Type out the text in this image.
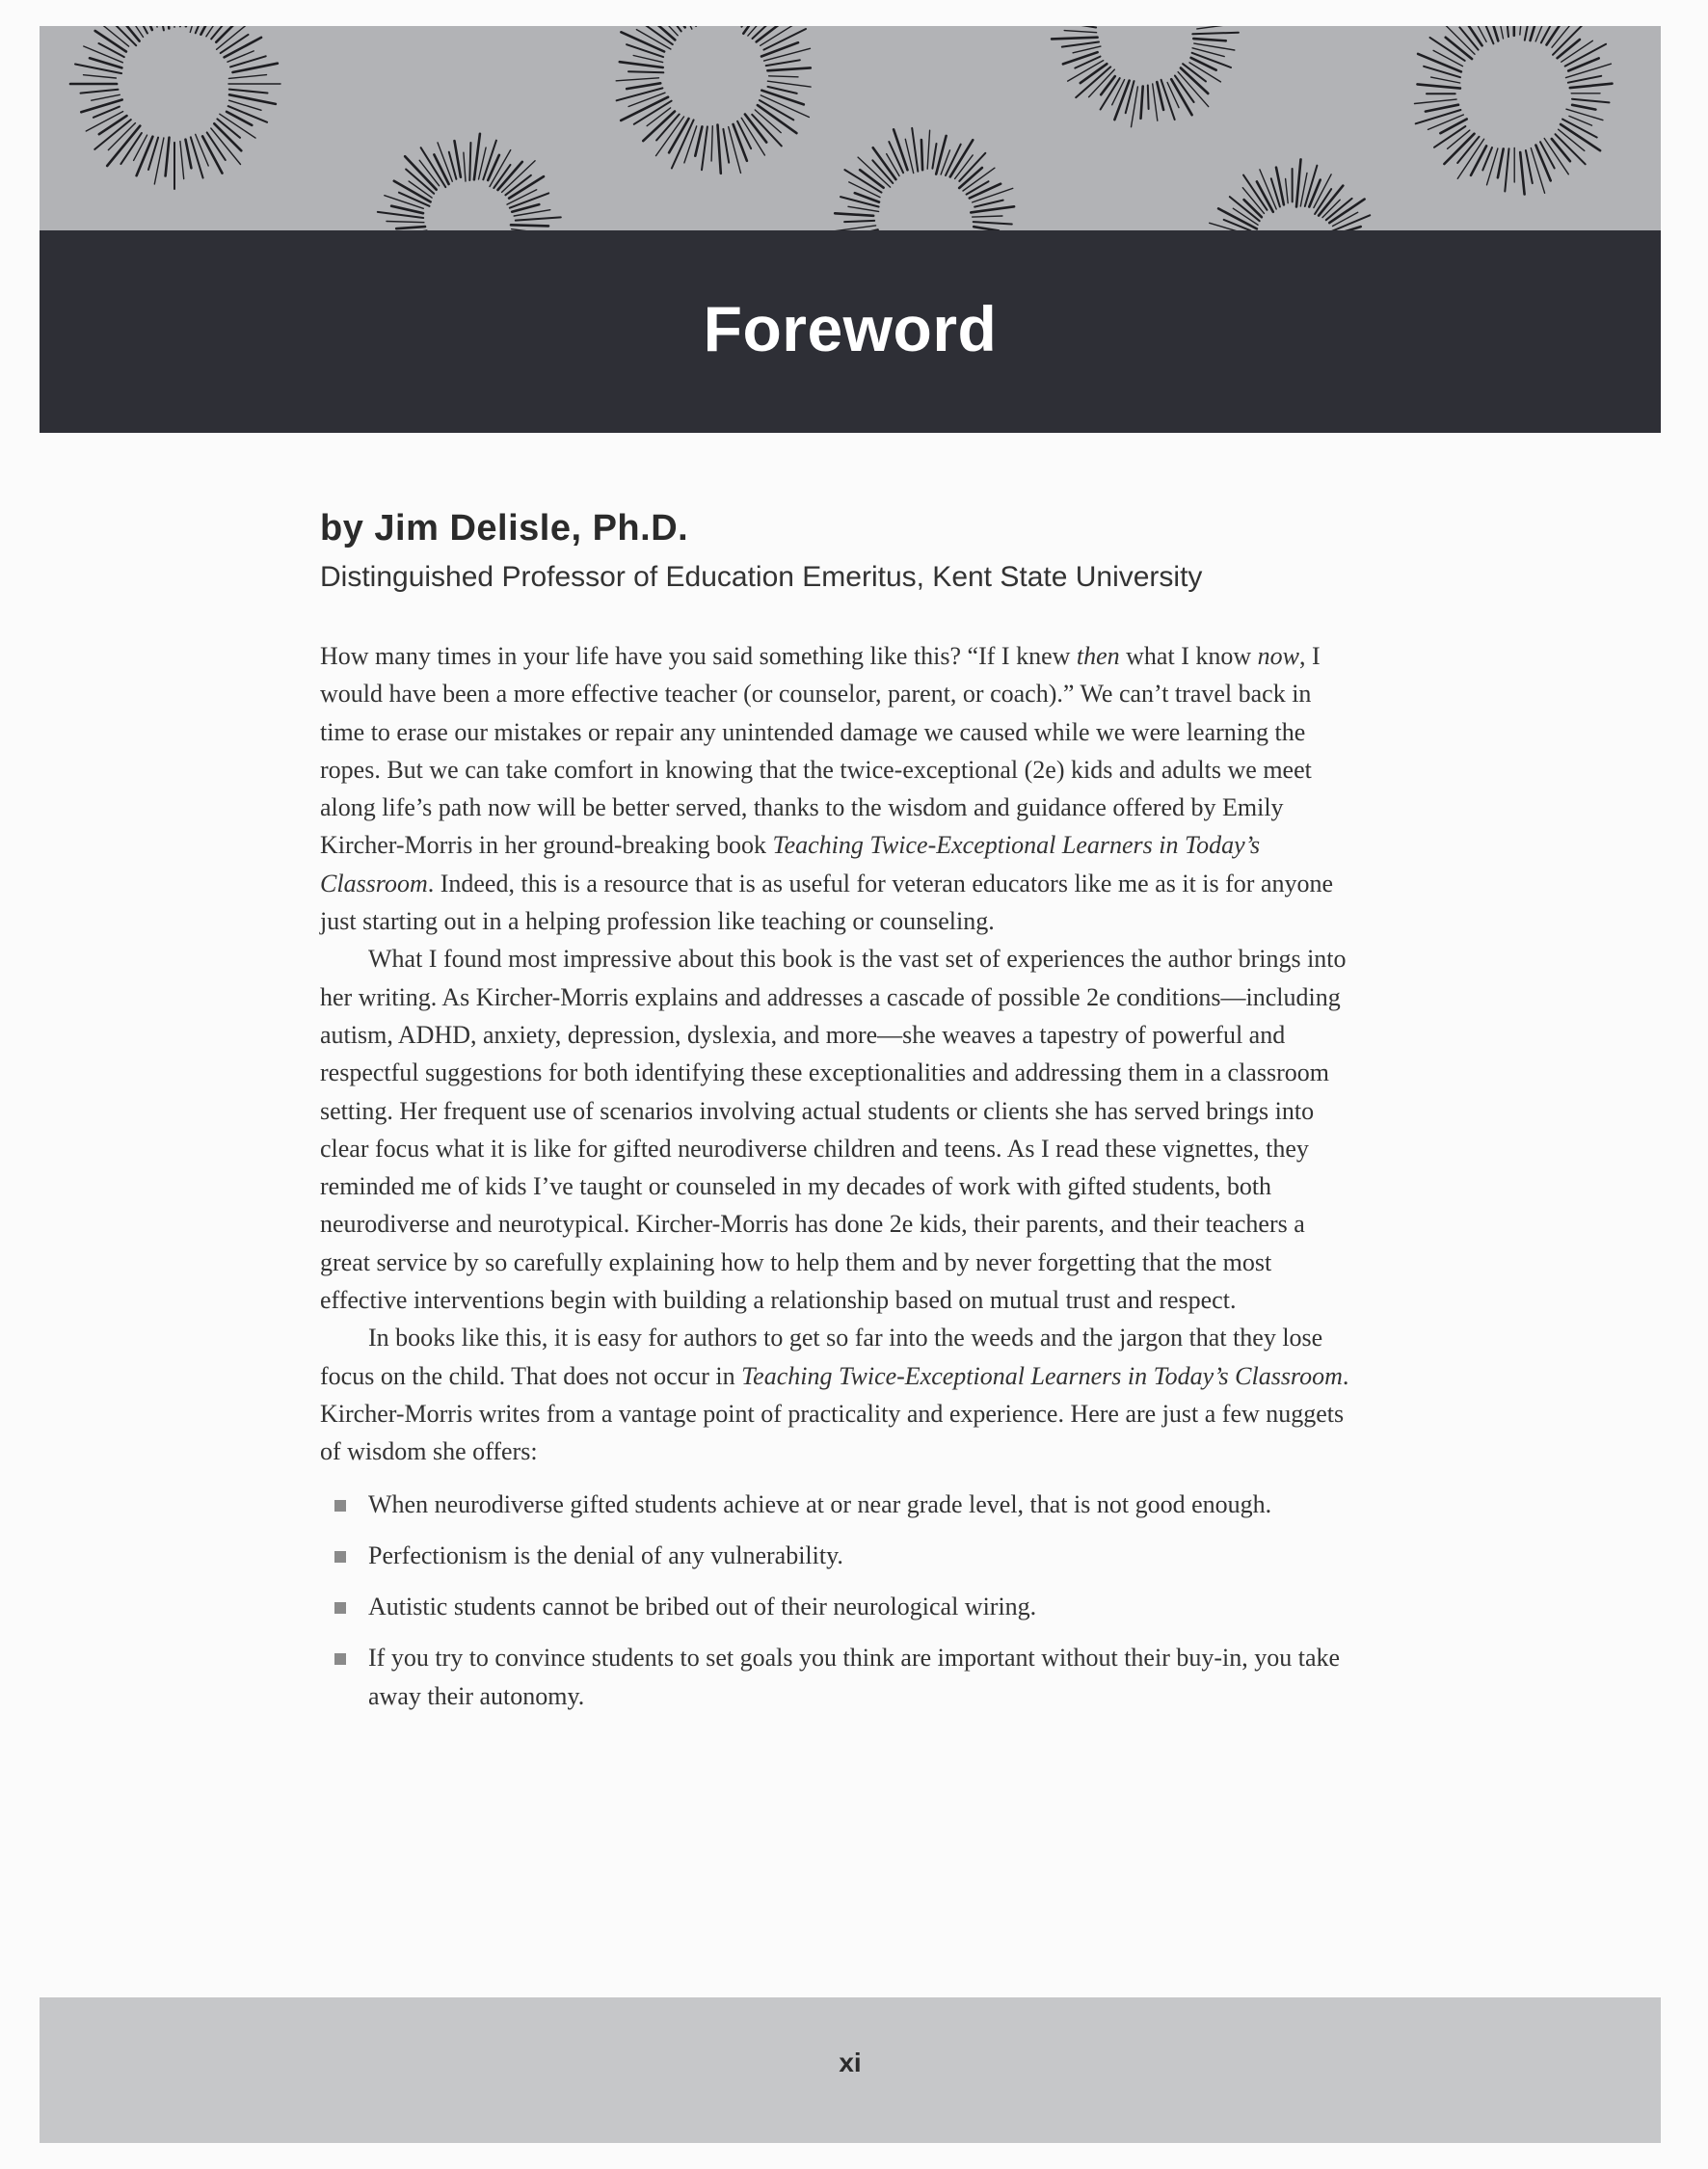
Foreword
by Jim Delisle, Ph.D.
Distinguished Professor of Education Emeritus, Kent State University

How many times in your life have you said something like this? “If I knew then what I know now, I would have been a more effective teacher (or counselor, parent, or coach).” We can’t travel back in time to erase our mistakes or repair any unintended damage we caused while we were learning the ropes. But we can take comfort in knowing that the twice-exceptional (2e) kids and adults we meet along life’s path now will be better served, thanks to the wisdom and guidance offered by Emily Kircher-Morris in her ground-breaking book Teaching Twice-Exceptional Learners in Today’s Classroom. Indeed, this is a resource that is as useful for veteran educators like me as it is for anyone just starting out in a helping profession like teaching or counseling.

What I found most impressive about this book is the vast set of experiences the author brings into her writing. As Kircher-Morris explains and addresses a cascade of possible 2e conditions—including autism, ADHD, anxiety, depression, dyslexia, and more—she weaves a tapestry of powerful and respectful suggestions for both identifying these exceptionalities and addressing them in a classroom setting. Her frequent use of scenarios involving actual students or clients she has served brings into clear focus what it is like for gifted neurodiverse children and teens. As I read these vignettes, they reminded me of kids I’ve taught or counseled in my decades of work with gifted students, both neurodiverse and neurotypical. Kircher-Morris has done 2e kids, their parents, and their teachers a great service by so carefully explaining how to help them and by never forgetting that the most effective interventions begin with building a relationship based on mutual trust and respect.

In books like this, it is easy for authors to get so far into the weeds and the jargon that they lose focus on the child. That does not occur in Teaching Twice-Exceptional Learners in Today’s Classroom. Kircher-Morris writes from a vantage point of practicality and experience. Here are just a few nuggets of wisdom she offers:

When neurodiverse gifted students achieve at or near grade level, that is not good enough.
Perfectionism is the denial of any vulnerability.
Autistic students cannot be bribed out of their neurological wiring.
If you try to convince students to set goals you think are important without their buy-in, you take away their autonomy.
xi
